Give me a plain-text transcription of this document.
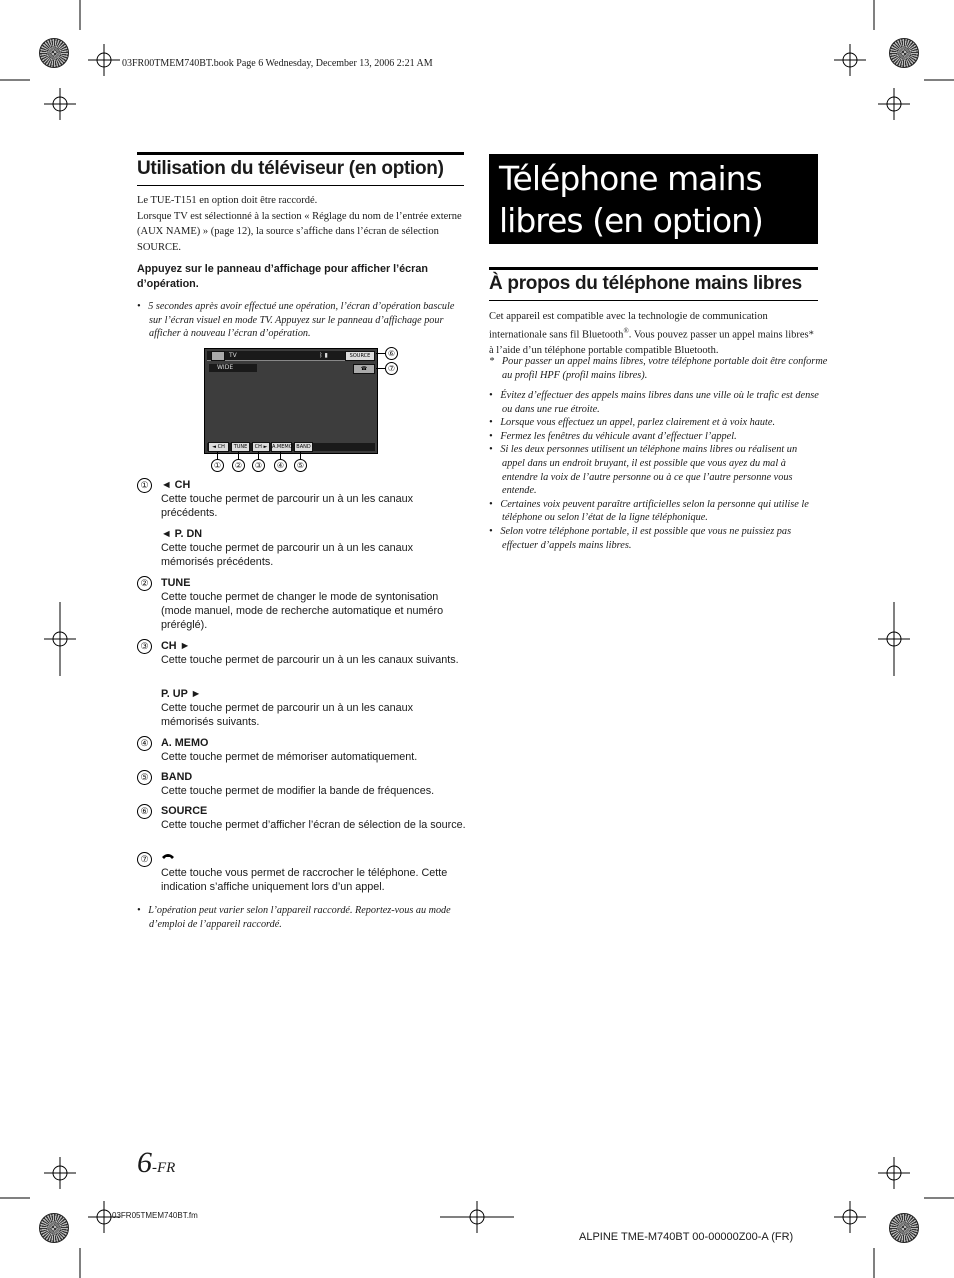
03FR00TMEM740BT.book Page 6 Wednesday, December 13, 2006 2:21 AM
Utilisation du téléviseur (en option)
Le TUE-T151 en option doit être raccordé.
Lorsque TV est sélectionné à la section « Réglage du nom de l’entrée externe (AUX NAME) » (page 12), la source s’affiche dans l’écran de sélection SOURCE.
Appuyez sur le panneau d’affichage pour afficher l’écran d’opération.
•   5 secondes après avoir effectué une opération, l’écran d’opération bascule sur l’écran visuel en mode TV. Appuyez sur le panneau d’affichage pour afficher à nouveau l’écran d’opération.
TV	ᛒ ▮	SOURCE
WIDE	☎
◄ CH	TUNE	CH ► A.MEMO BAND
①	②	③	④	⑤
⑥
⑦
①	◄ CH
Cette touche permet de parcourir un à un les canaux précédents.
◄ P. DN
Cette touche permet de parcourir un à un les canaux mémorisés précédents.
②	TUNE
Cette touche permet de changer le mode de syntonisation (mode manuel, mode de recherche automatique et numéro préréglé).
③	CH ►
Cette touche permet de parcourir un à un les canaux suivants.
P. UP ►
Cette touche permet de parcourir un à un les canaux mémorisés suivants.
④	A. MEMO
Cette touche permet de mémoriser automatiquement.
⑤	BAND
Cette touche permet de modifier la bande de fréquences.
⑥	SOURCE
Cette touche permet d’afficher l’écran de sélection de la source.
⑦
Cette touche vous permet de raccrocher le téléphone. Cette indication s’affiche uniquement lors d’un appel.
•   L’opération peut varier selon l’appareil raccordé. Reportez-vous au mode d’emploi de l’appareil raccordé.
Téléphone mains
libres (en option)
À propos du téléphone mains libres
Cet appareil est compatible avec la technologie de communication internationale sans fil Bluetooth®. Vous pouvez passer un appel mains libres* à l’aide d’un téléphone portable compatible Bluetooth.
*   Pour passer un appel mains libres, votre téléphone portable doit être conforme au profil HPF (profil mains libres).
•   Évitez d’effectuer des appels mains libres dans une ville où le trafic est dense ou dans une rue étroite.
•   Lorsque vous effectuez un appel, parlez clairement et à voix haute.
•   Fermez les fenêtres du véhicule avant d’effectuer l’appel.
•   Si les deux personnes utilisent un téléphone mains libres ou réalisent un appel dans un endroit bruyant, il est possible que vous ayez du mal à entendre la voix de l’autre personne ou à ce que l’autre personne vous entende.
•   Certaines voix peuvent paraître artificielles selon la personne qui utilise le téléphone ou selon l’état de la ligne téléphonique.
•   Selon votre téléphone portable, il est possible que vous ne puissiez pas effectuer d’appels mains libres.
6-FR
03FR05TMEM740BT.fm
ALPINE TME-M740BT 00-00000Z00-A (FR)
